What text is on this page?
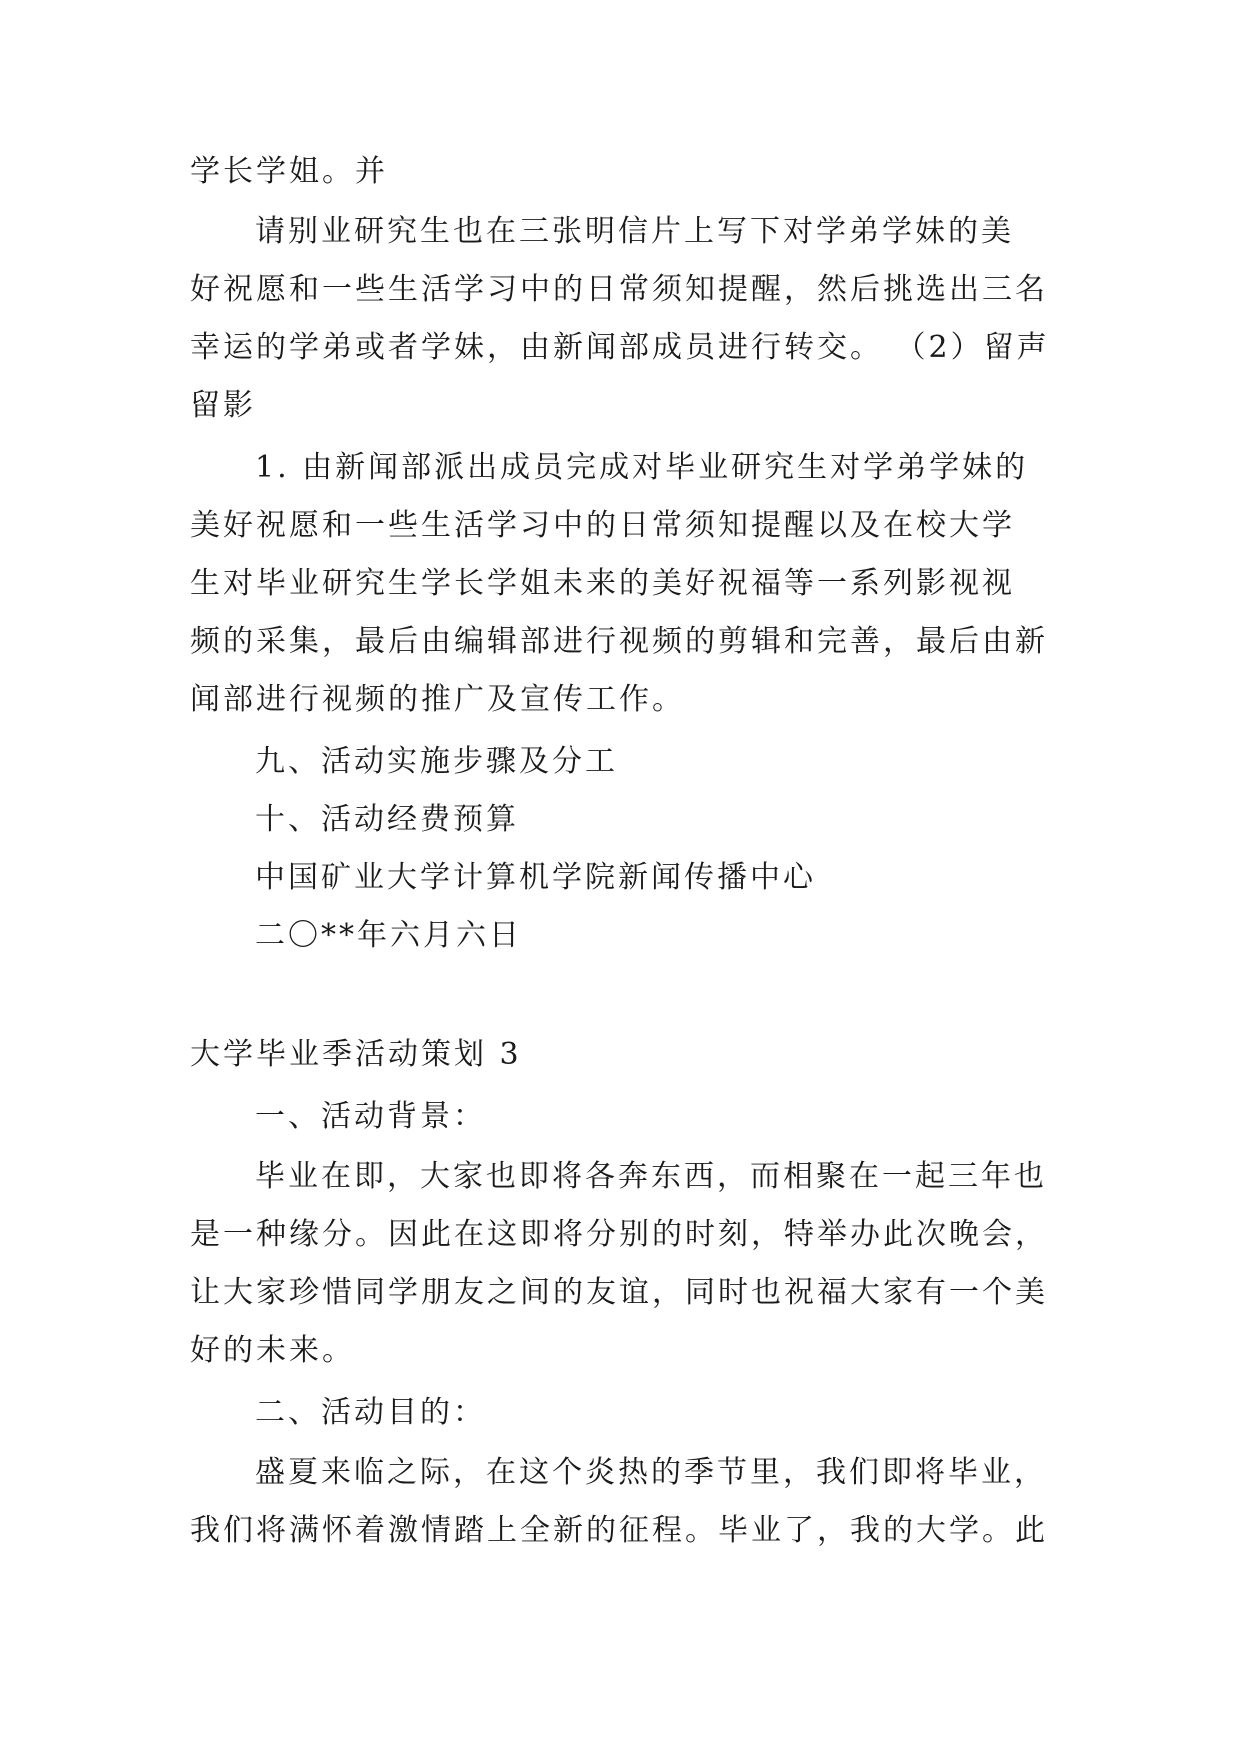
学长学姐。并
请别业研究生也在三张明信片上写下对学弟学妹的美
好祝愿和一些生活学习中的日常须知提醒，然后挑选出三名
幸运的学弟或者学妹，由新闻部成员进行转交。 （2）留声
留影
1. 由新闻部派出成员完成对毕业研究生对学弟学妹的
美好祝愿和一些生活学习中的日常须知提醒以及在校大学
生对毕业研究生学长学姐未来的美好祝福等一系列影视视
频的采集，最后由编辑部进行视频的剪辑和完善，最后由新
闻部进行视频的推广及宣传工作。
九、活动实施步骤及分工
十、活动经费预算
中国矿业大学计算机学院新闻传播中心
二〇**年六月六日
大学毕业季活动策划 3
一、活动背景：
毕业在即，大家也即将各奔东西，而相聚在一起三年也
是一种缘分。因此在这即将分别的时刻，特举办此次晚会，
让大家珍惜同学朋友之间的友谊，同时也祝福大家有一个美
好的未来。
二、活动目的：
盛夏来临之际，在这个炎热的季节里，我们即将毕业，
我们将满怀着激情踏上全新的征程。毕业了，我的大学。此
